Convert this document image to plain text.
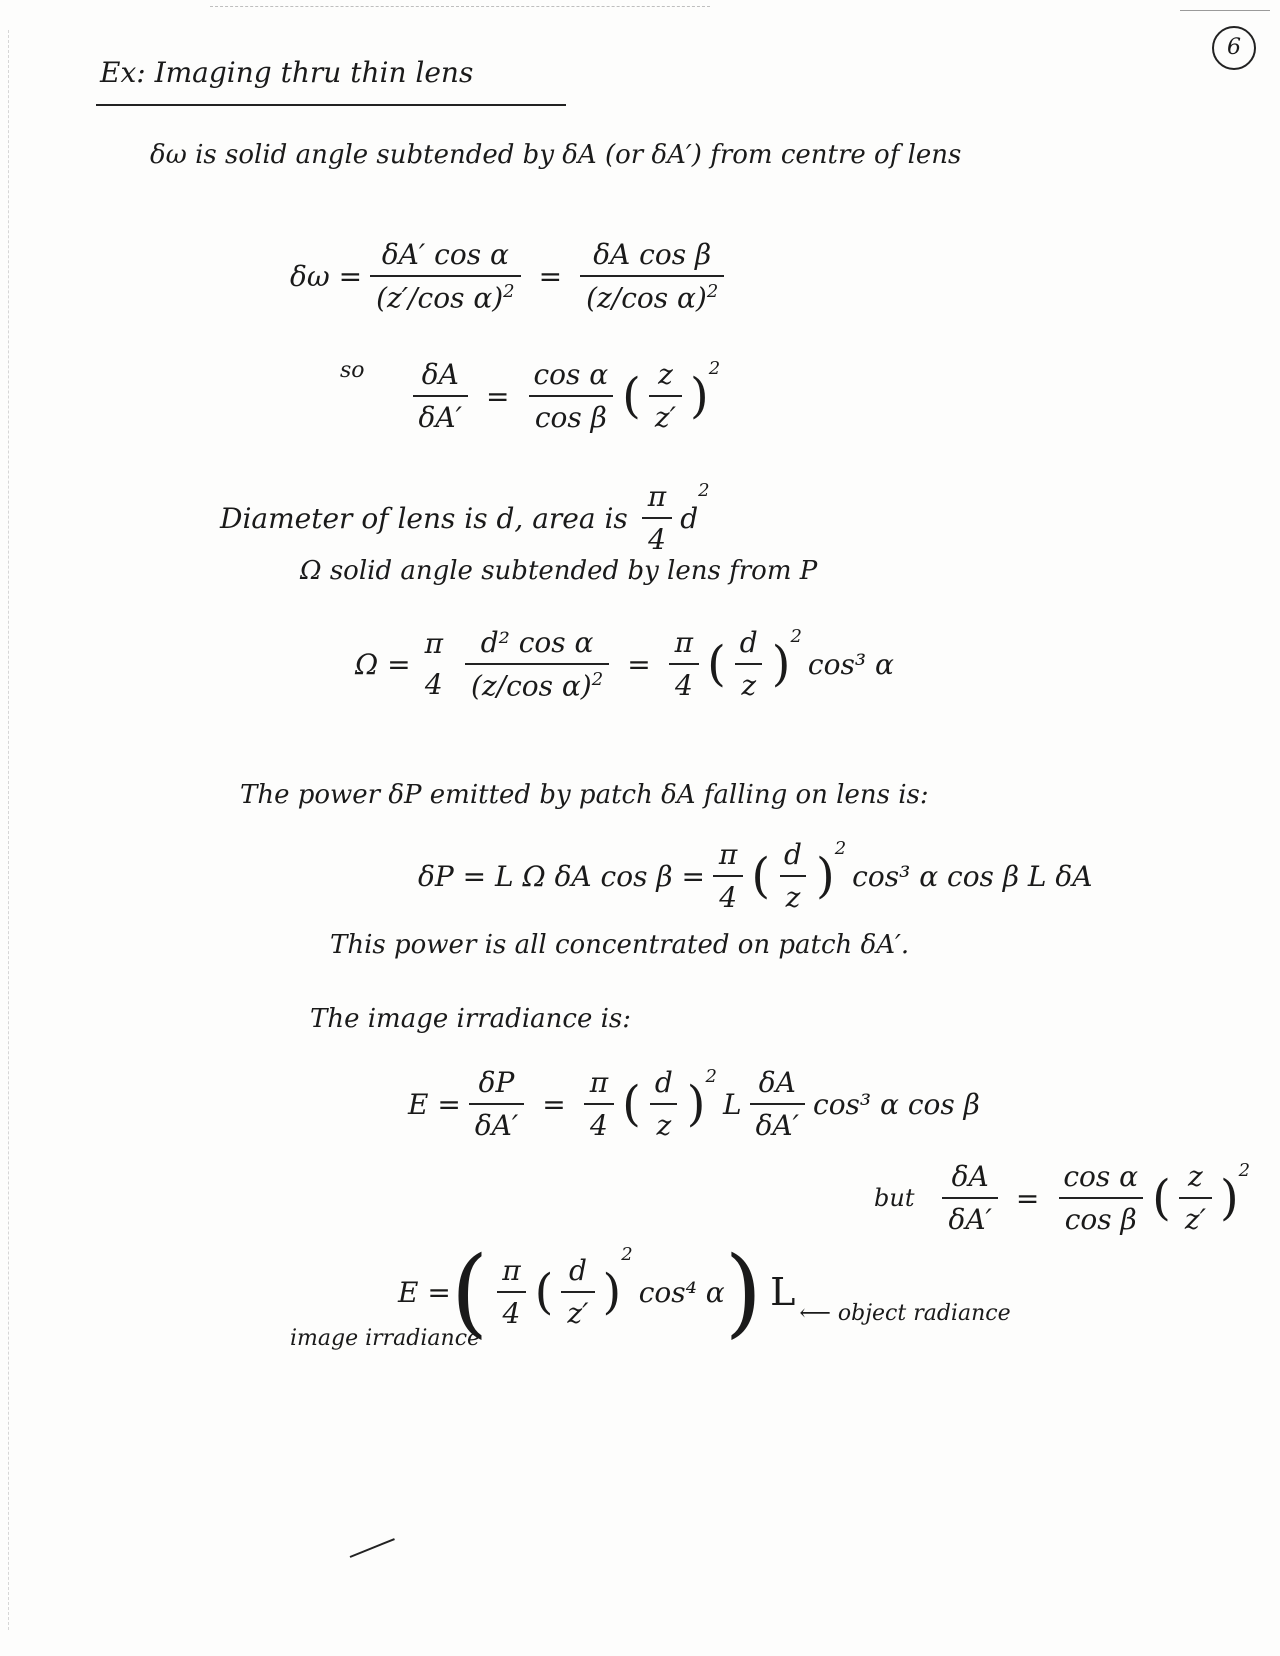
6
Ex: Imaging thru thin lens
δω is solid angle subtended by δA (or δA′) from centre of lens
$\delta\omega = \frac{\text{δA′ cos α}}{(z'/\cos \alpha)^2} = \frac{\text{δA cos β}}{(z/\cos \alpha)^2}$
so $\frac{\delta A}{\delta A'} = \frac{\text{cos α}}{\text{cos β}}$ ( $\frac{z}{z'} )^2$
Diameter of lens is d, area is $\frac{\pi}{4}$ d
2
Ω solid angle subtended by lens from P
Ω =
π
$4 \frac{\text{d² cos α}}{(z/\cos \alpha)^2} = \frac{\pi}{4}$ ( $\frac{d}{z} )^2$
cos³ α
The power δP emitted by patch δA falling on lens is:
δP = L Ω δA $\cos \beta = \frac{\pi}{4}$ ( $\frac{d}{z} )^2$
cos³ α cos β L δA
This power is all concentrated on patch δA′.
The image irradiance is:
$E = \frac{\delta P}{\delta A'} = \frac{\pi}{4}$ ( $\frac{d}{z} )^2$
L $\frac{\delta A}{\delta A'} \cos^3$ α cos β
but $\frac{\delta A}{\delta A'} = \frac{\text{cos α}}{\text{cos β}}$ ( $\frac{z}{z'} )^2$
E = ( $\frac{\pi}{4}$ ( $\frac{d}{z'}$ )
2
cos⁴ α ) L ⟵ object radiance
image irradiance
